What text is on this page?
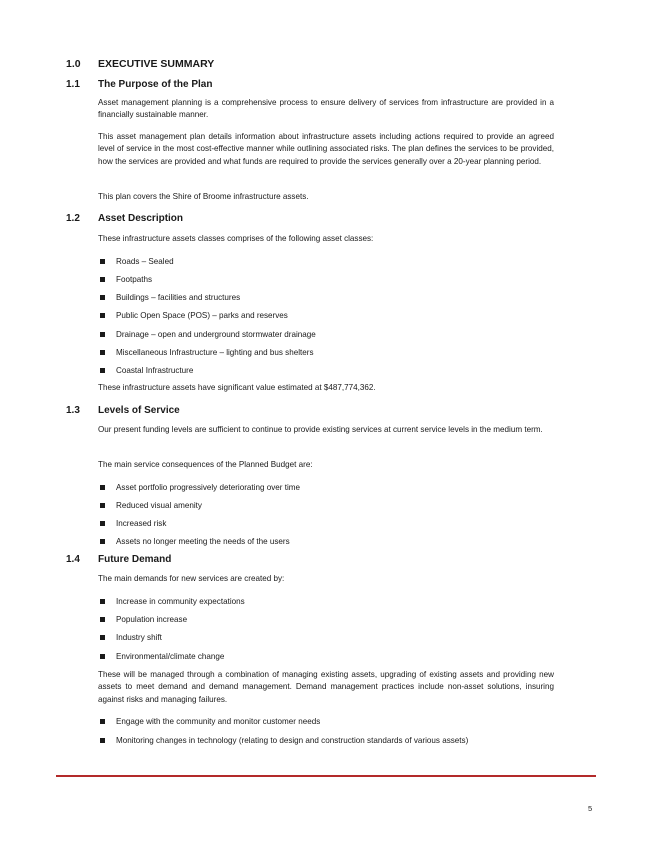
1.0 EXECUTIVE SUMMARY
1.1 The Purpose of the Plan

Asset management planning is a comprehensive process to ensure delivery of services from infrastructure are provided in a financially sustainable manner.

This asset management plan details information about infrastructure assets including actions required to provide an agreed level of service in the most cost-effective manner while outlining associated risks. The plan defines the services to be provided, how the services are provided and what funds are required to provide the services generally over a 20-year planning period.

This plan covers the Shire of Broome infrastructure assets.

1.2 Asset Description

These infrastructure assets classes comprises of the following asset classes:

Roads – Sealed
Footpaths
Buildings – facilities and structures
Public Open Space (POS) – parks and reserves
Drainage – open and underground stormwater drainage
Miscellaneous Infrastructure – lighting and bus shelters
Coastal Infrastructure

These infrastructure assets have significant value estimated at $487,774,362.

1.3 Levels of Service

Our present funding levels are sufficient to continue to provide existing services at current service levels in the medium term.

The main service consequences of the Planned Budget are:

Asset portfolio progressively deteriorating over time
Reduced visual amenity
Increased risk
Assets no longer meeting the needs of the users
1.4 Future Demand

The main demands for new services are created by:

Increase in community expectations
Population increase
Industry shift
Environmental/climate change

These will be managed through a combination of managing existing assets, upgrading of existing assets and providing new assets to meet demand and demand management. Demand management practices include non-asset solutions, insuring against risks and managing failures.

Engage with the community and monitor customer needs
Monitoring changes in technology (relating to design and construction standards of various assets)
5
